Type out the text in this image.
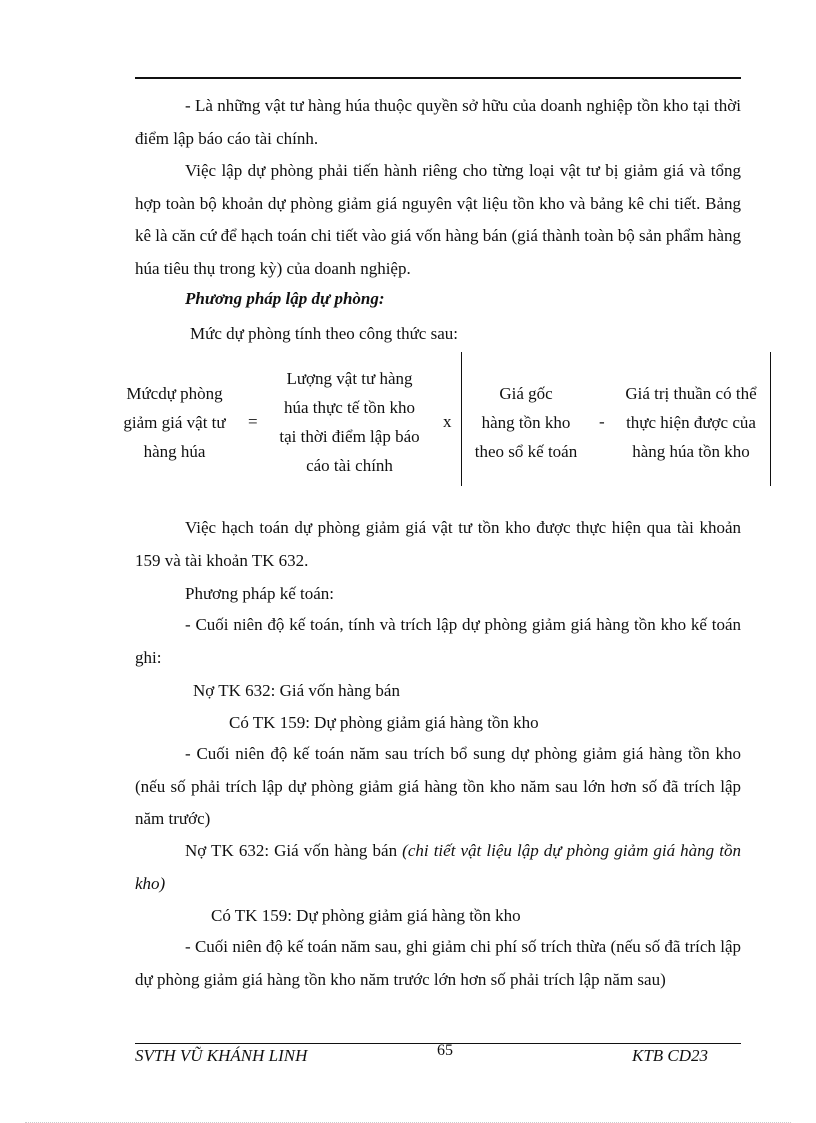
- Là những vật tư hàng húa thuộc quyền sở hữu của doanh nghiệp tồn kho tại thời điểm lập báo cáo tài chính.
Việc lập dự phòng phải tiến hành riêng cho từng loại vật tư bị giảm giá và tổng hợp toàn bộ khoản dự phòng giảm giá nguyên vật liệu tồn kho và bảng kê chi tiết. Bảng kê là căn cứ để hạch toán chi tiết vào giá vốn hàng bán (giá thành toàn bộ sản phẩm hàng húa tiêu thụ trong kỳ) của doanh nghiệp.
Phương pháp lập dự phòng:
Mức dự phòng tính theo công thức sau:
Mứcdự phòng
giảm giá vật tư
hàng húa
=
Lượng vật tư hàng
húa thực tế tồn kho
tại thời điểm lập báo
cáo tài chính
x
Giá gốc
hàng tồn kho
theo sổ kế toán
-
Giá trị thuần có thể
thực hiện được của
hàng húa tồn kho
Việc hạch toán dự phòng giảm giá vật tư tồn kho được thực hiện qua tài khoản 159 và tài khoản TK 632.
Phương pháp kế toán:
- Cuối niên độ kế toán, tính và trích lập dự phòng giảm giá hàng tồn kho kế toán ghi:
Nợ TK 632: Giá vốn hàng bán
Có TK 159: Dự phòng giảm giá hàng tồn kho
- Cuối niên độ kế toán năm sau trích bổ sung dự phòng giảm giá hàng tồn kho (nếu số phải trích lập dự phòng giảm giá hàng tồn kho năm sau lớn hơn số đã trích lập năm trước)
Nợ TK 632: Giá vốn hàng bán (chi tiết vật liệu lập dự phòng giảm giá hàng tồn kho)
Có TK 159: Dự phòng giảm giá hàng tồn kho
- Cuối niên độ kế toán năm sau, ghi giảm chi phí số trích thừa (nếu số đã trích lập dự phòng giảm giá hàng tồn kho năm trước lớn hơn số phải trích lập năm sau)
SVTH VŨ KHÁNH LINH	65	KTB CD23
